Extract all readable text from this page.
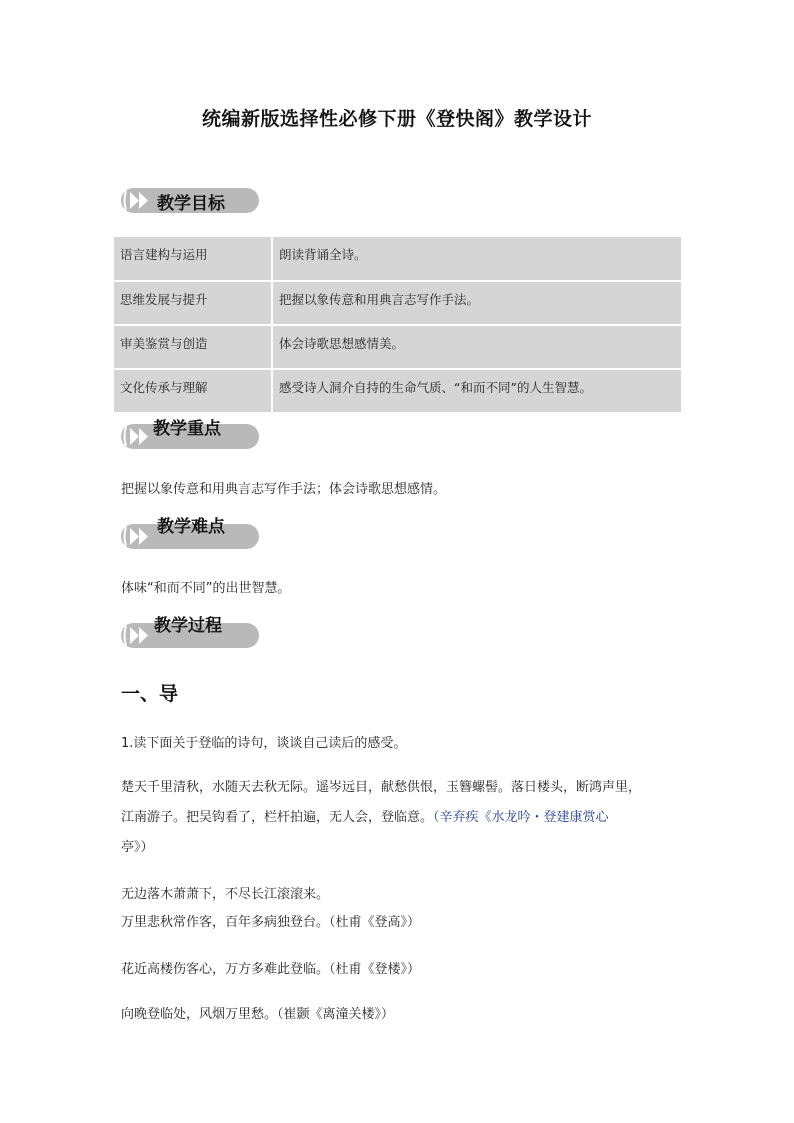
统编新版选择性必修下册《登快阁》教学设计
教学目标
语言建构与运用	朗读背诵全诗。
思维发展与提升	把握以象传意和用典言志写作手法。
审美鉴赏与创造	体会诗歌思想感情美。
文化传承与理解	感受诗人洞介自持的生命气质、“和而不同”的人生智慧。
教学重点
把握以象传意和用典言志写作手法；体会诗歌思想感情。
教学难点
体味“和而不同”的出世智慧。
教学过程
一、导
1.读下面关于登临的诗句，谈谈自己读后的感受。
楚天千里清秋，水随天去秋无际。遥岑远目，献愁供恨，玉簪螺髻。落日楼头，断鸿声里，
江南游子。把吴钩看了，栏杆拍遍，无人会，登临意。（辛弃疾《水龙吟・登建康赏心
亭》）
无边落木萧萧下，不尽长江滚滚来。
万里悲秋常作客，百年多病独登台。（杜甫《登高》）
花近高楼伤客心，万方多难此登临。（杜甫《登楼》）
向晚登临处，风烟万里愁。（崔颢《离潼关楼》）
